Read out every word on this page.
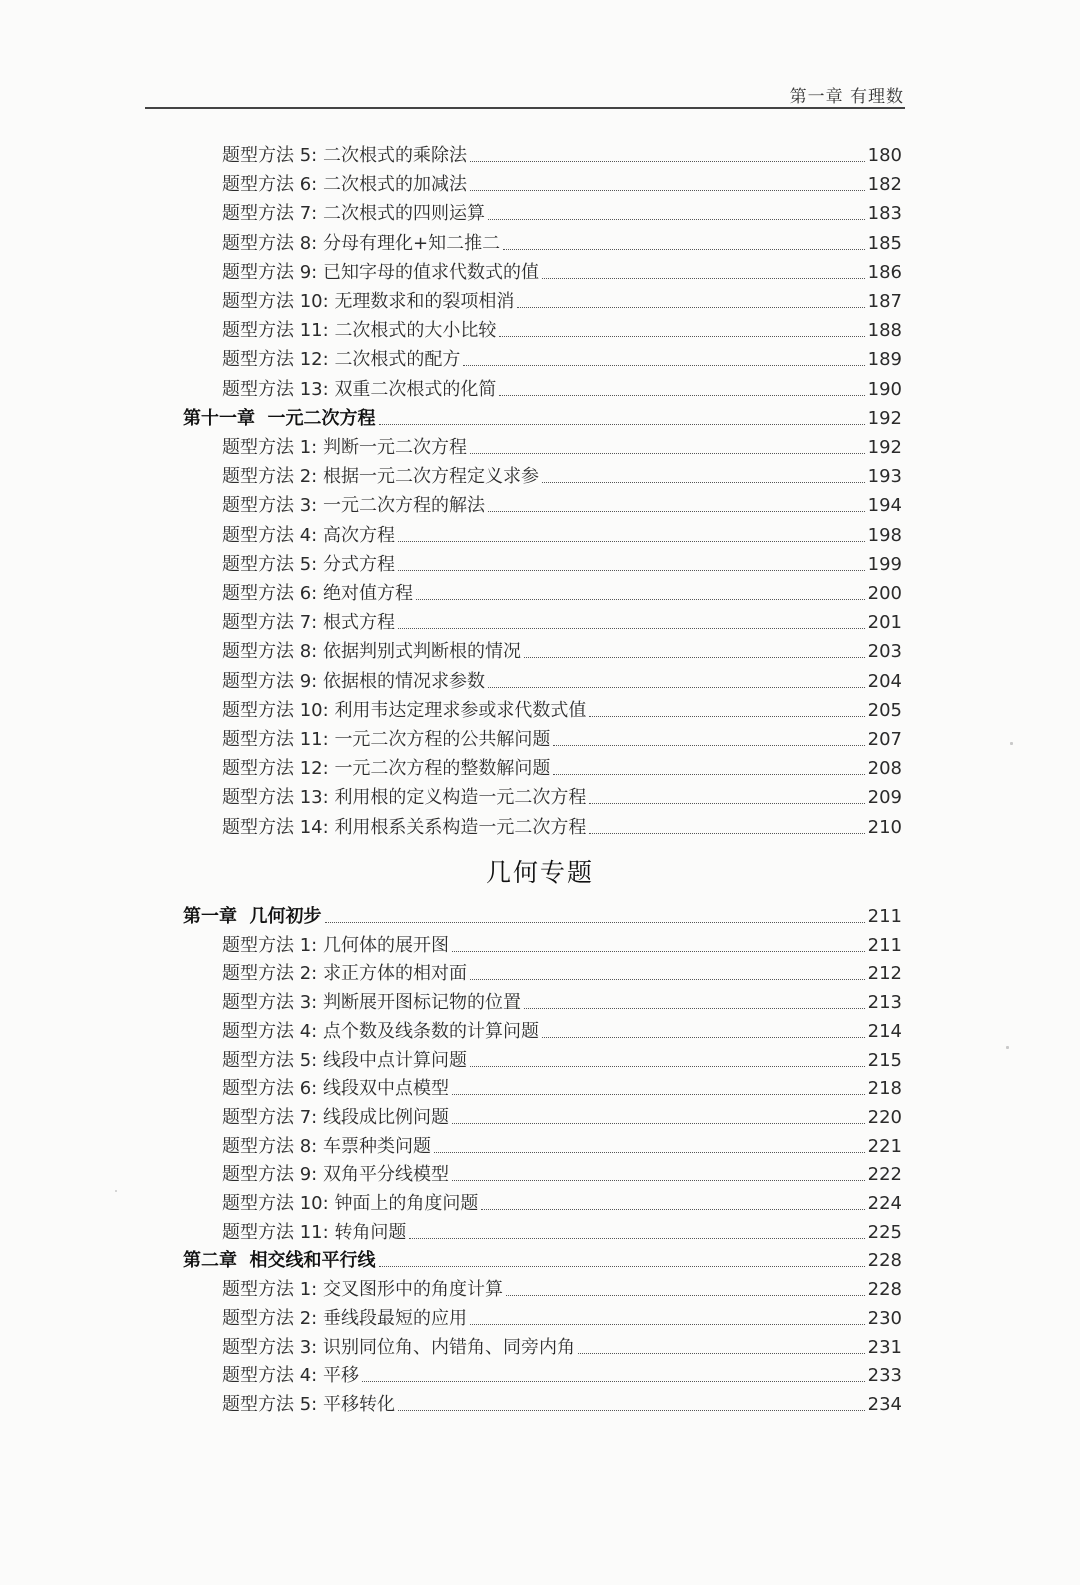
第一章 有理数
题型方法 5:
二次根式的乘除法	180
题型方法 6:
二次根式的加减法	182
题型方法 7:
二次根式的四则运算	183
题型方法 8:
分母有理化+知二推二	185
题型方法 9:
已知字母的值求代数式的值	186
题型方法 10:
无理数求和的裂项相消	187
题型方法 11:
二次根式的大小比较	188
题型方法 12:
二次根式的配方	189
题型方法 13:
双重二次根式的化简	190
第十一章
一元二次方程	192
题型方法 1:
判断一元二次方程	192
题型方法 2:
根据一元二次方程定义求参	193
题型方法 3:
一元二次方程的解法	194
题型方法 4:
高次方程	198
题型方法 5:
分式方程	199
题型方法 6:
绝对值方程	200
题型方法 7:
根式方程	201
题型方法 8:
依据判别式判断根的情况	203
题型方法 9:
依据根的情况求参数	204
题型方法 10:
利用韦达定理求参或求代数式值	205
题型方法 11:
一元二次方程的公共解问题	207
题型方法 12:
一元二次方程的整数解问题	208
题型方法 13:
利用根的定义构造一元二次方程	209
题型方法 14:
利用根系关系构造一元二次方程	210
几何专题
第一章
几何初步	211
题型方法 1:
几何体的展开图	211
题型方法 2:
求正方体的相对面	212
题型方法 3:
判断展开图标记物的位置	213
题型方法 4:
点个数及线条数的计算问题	214
题型方法 5:
线段中点计算问题	215
题型方法 6:
线段双中点模型	218
题型方法 7:
线段成比例问题	220
题型方法 8:
车票种类问题	221
题型方法 9:
双角平分线模型	222
题型方法 10:
钟面上的角度问题	224
题型方法 11:
转角问题	225
第二章
相交线和平行线	228
题型方法 1:
交叉图形中的角度计算	228
题型方法 2:
垂线段最短的应用	230
题型方法 3:
识别同位角、内错角、同旁内角	231
题型方法 4:
平移	233
题型方法 5:
平移转化	234
